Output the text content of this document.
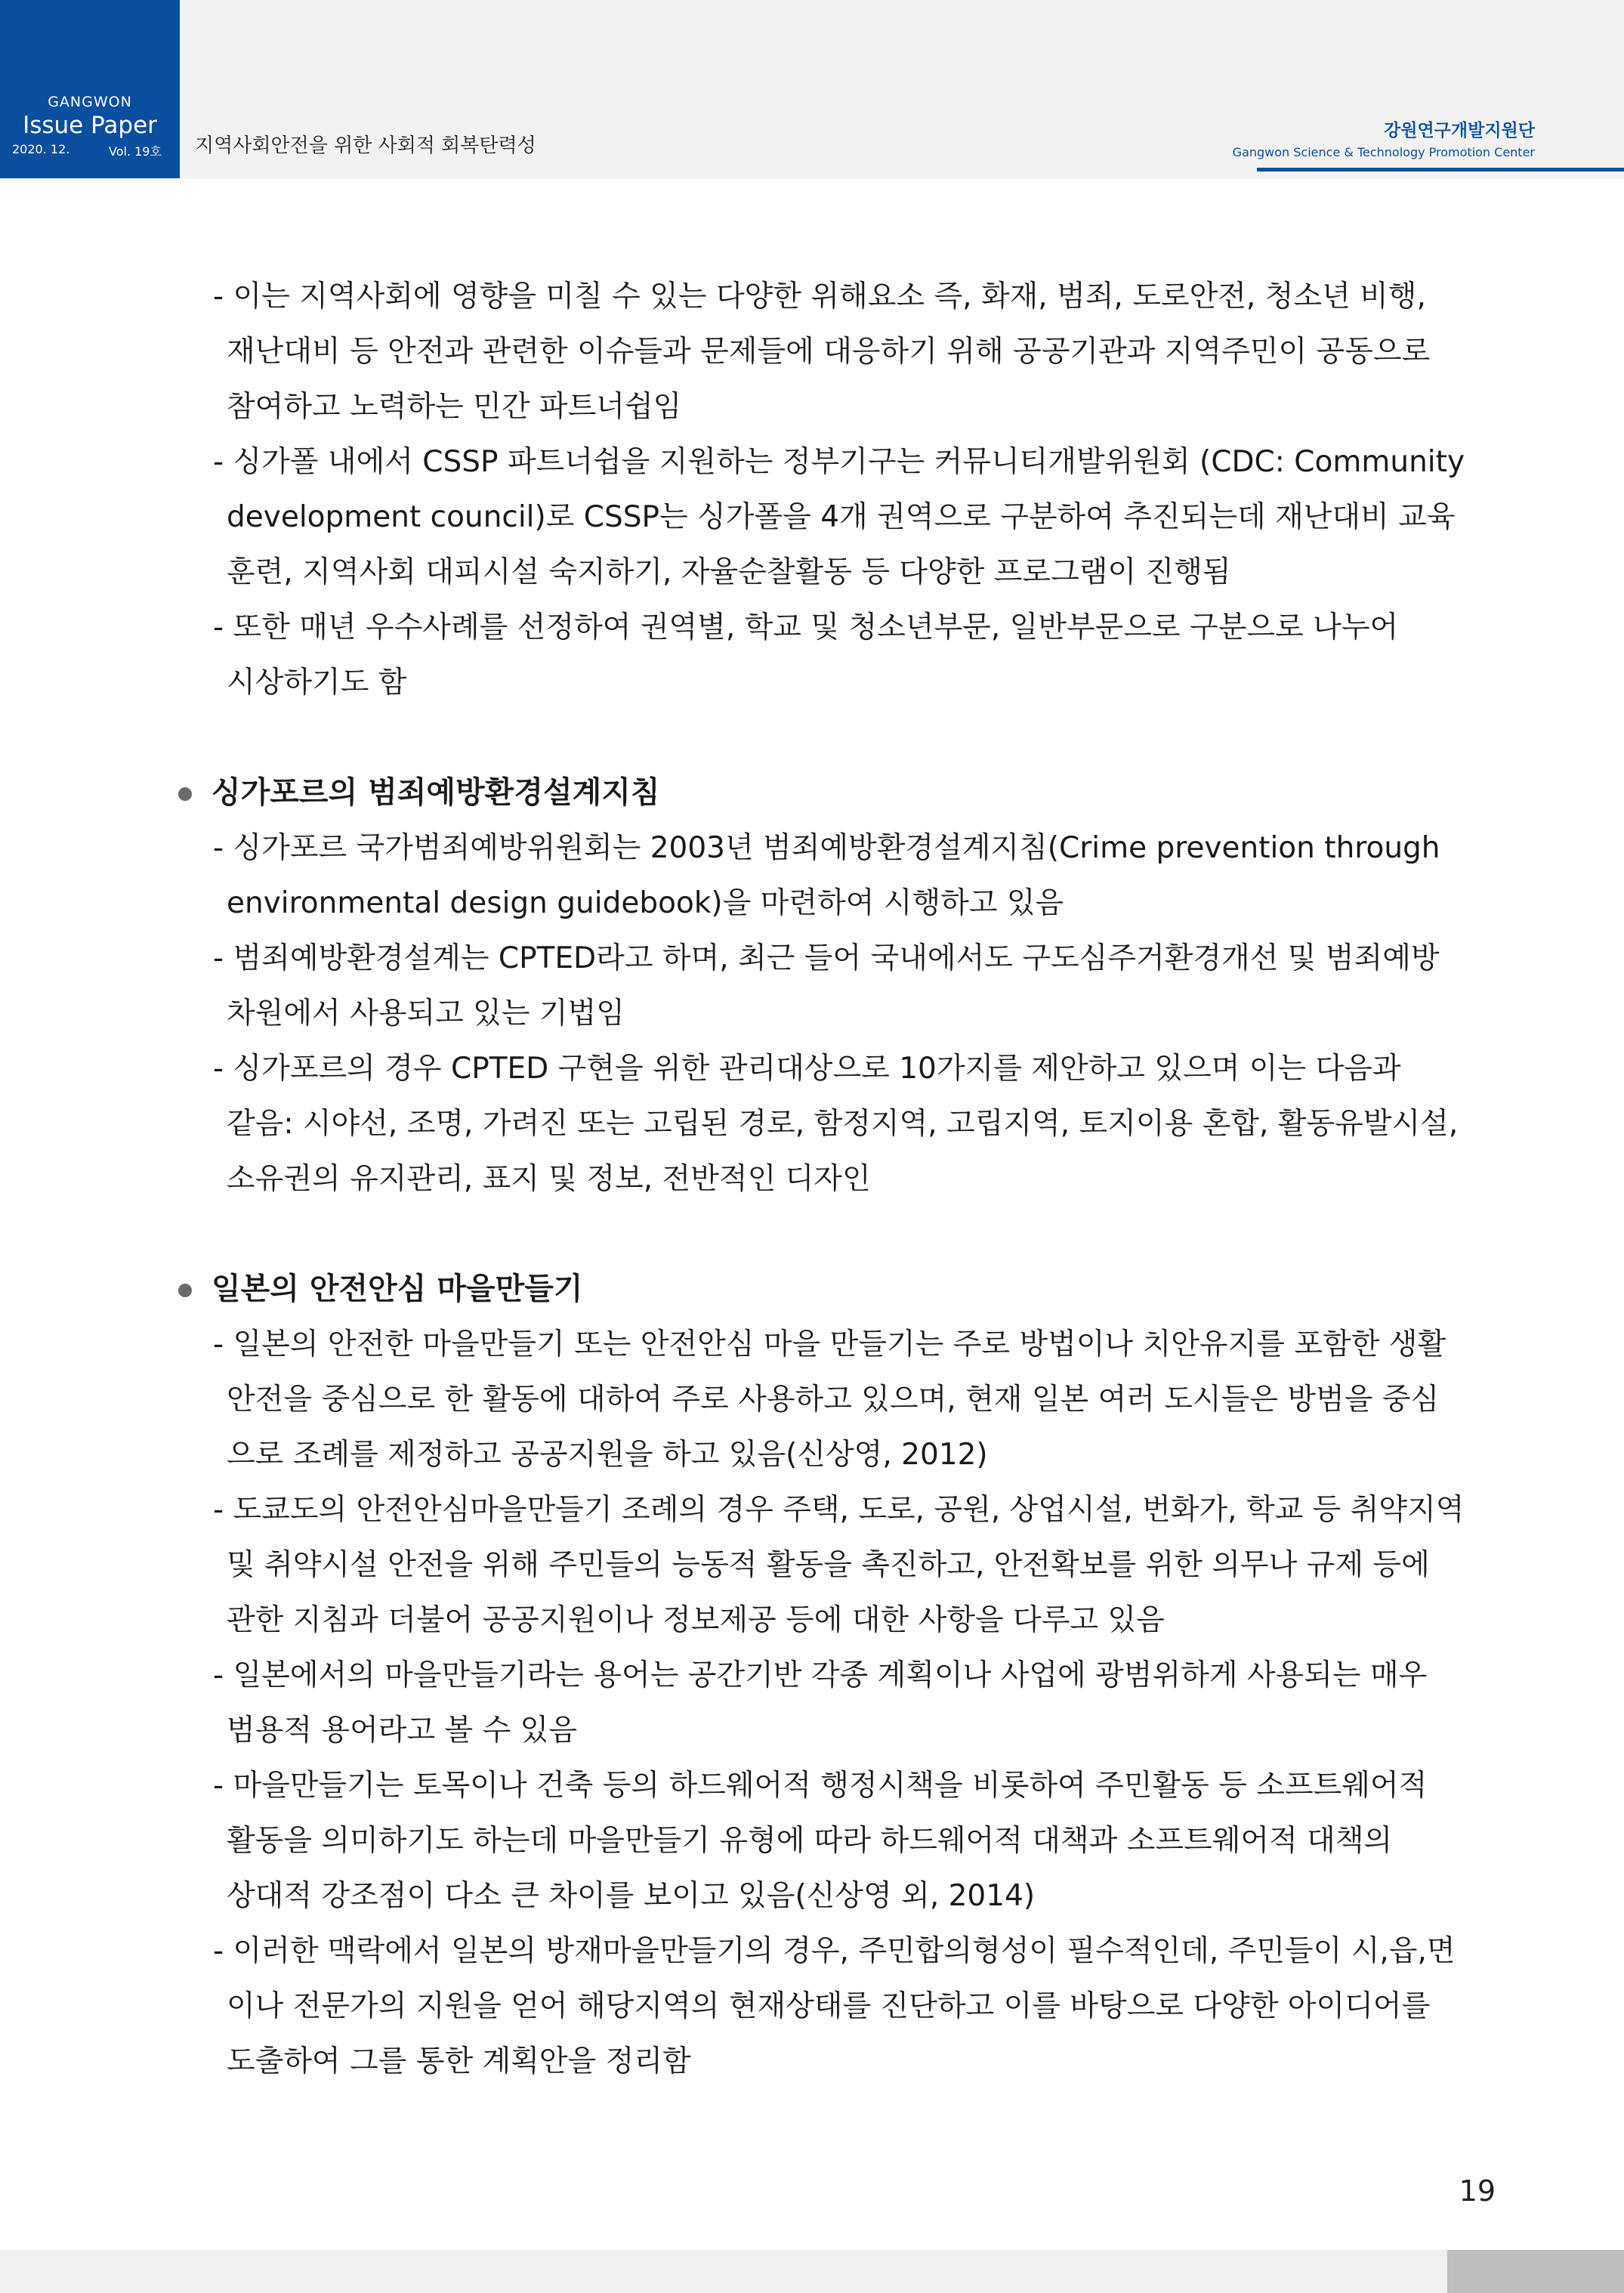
GANGWON
Issue Paper
2020. 12.	Vol. 19호 지역사회안전을 위한 사회적 회복탄력성
강원연구개발지원단
Gangwon Science & Technology Promotion Center
- 이는 지역사회에 영향을 미칠 수 있는 다양한 위해요소 즉, 화재, 범죄, 도로안전, 청소년 비행,
재난대비 등 안전과 관련한 이슈들과 문제들에 대응하기 위해 공공기관과 지역주민이 공동으로
참여하고 노력하는 민간 파트너쉽임
- 싱가폴 내에서 CSSP 파트너쉽을 지원하는 정부기구는 커뮤니티개발위원회 (CDC: Community
development council)로 CSSP는 싱가폴을 4개 권역으로 구분하여 추진되는데 재난대비 교육
훈련, 지역사회 대피시설 숙지하기, 자율순찰활동 등 다양한 프로그램이 진행됨
- 또한 매년 우수사례를 선정하여 권역별, 학교 및 청소년부문, 일반부문으로 구분으로 나누어
시상하기도 함
싱가포르의 범죄예방환경설계지침
- 싱가포르 국가범죄예방위원회는 2003년 범죄예방환경설계지침(Crime prevention through
environmental design guidebook)을 마련하여 시행하고 있음
- 범죄예방환경설계는 CPTED라고 하며, 최근 들어 국내에서도 구도심주거환경개선 및 범죄예방
차원에서 사용되고 있는 기법임
- 싱가포르의 경우 CPTED 구현을 위한 관리대상으로 10가지를 제안하고 있으며 이는 다음과
같음: 시야선, 조명, 가려진 또는 고립된 경로, 함정지역, 고립지역, 토지이용 혼합, 활동유발시설,
소유권의 유지관리, 표지 및 정보, 전반적인 디자인
일본의 안전안심 마을만들기
- 일본의 안전한 마을만들기 또는 안전안심 마을 만들기는 주로 방법이나 치안유지를 포함한 생활
안전을 중심으로 한 활동에 대하여 주로 사용하고 있으며, 현재 일본 여러 도시들은 방범을 중심
으로 조례를 제정하고 공공지원을 하고 있음(신상영, 2012)
- 도쿄도의 안전안심마을만들기 조례의 경우 주택, 도로, 공원, 상업시설, 번화가, 학교 등 취약지역
및 취약시설 안전을 위해 주민들의 능동적 활동을 촉진하고, 안전확보를 위한 의무나 규제 등에
관한 지침과 더불어 공공지원이나 정보제공 등에 대한 사항을 다루고 있음
- 일본에서의 마을만들기라는 용어는 공간기반 각종 계획이나 사업에 광범위하게 사용되는 매우
범용적 용어라고 볼 수 있음
- 마을만들기는 토목이나 건축 등의 하드웨어적 행정시책을 비롯하여 주민활동 등 소프트웨어적
활동을 의미하기도 하는데 마을만들기 유형에 따라 하드웨어적 대책과 소프트웨어적 대책의
상대적 강조점이 다소 큰 차이를 보이고 있음(신상영 외, 2014)
- 이러한 맥락에서 일본의 방재마을만들기의 경우, 주민합의형성이 필수적인데, 주민들이 시,읍,면
이나 전문가의 지원을 얻어 해당지역의 현재상태를 진단하고 이를 바탕으로 다양한 아이디어를
도출하여 그를 통한 계획안을 정리함
19
